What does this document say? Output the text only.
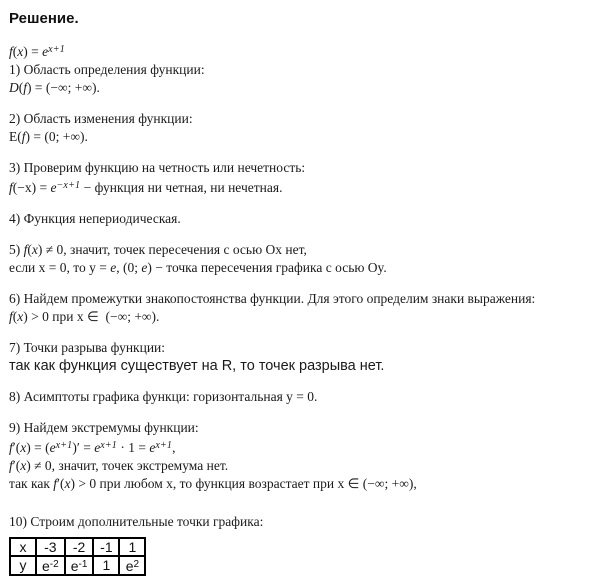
Решение.
$f(x) = e^{x+1}$
1) Область определения функции:
D(f) = (−∞; +∞).
2) Область изменения функции:
E(f) = (0; +∞).
3) Проверим функцию на четность или нечетность:
$f(-x) = e^{-x+1}$ − функция ни четная, ни нечетная.
4) Функция непериодическая.
5) f(x) ≠ 0, значит, точек пересечения с осью Ox нет,
если x = 0, то y = e, (0; e) − точка пересечения графика с осью Oy.
6) Найдем промежутки знакопостоянства функции. Для этого определим знаки выражения:
f(x) > 0 при x ∈  (−∞; +∞).
7) Точки разрыва функции:
так как функция существует на R, то точек разрыва нет.
8) Асимптоты графика функци: горизонтальная y = 0.
9) Найдем экстремумы функции:
$f'(x) = (e^{x+1})' = e^{x+1} \cdot 1 = e^{x+1}$,
f′(x) ≠ 0, значит, точек экстремума нет.
так как f′(x) > 0 при любом x, то функция возрастает при x ∈ (−∞; +∞),
10) Строим дополнительные точки графика:
x	-3	-2	-1	1
y	$e^{-2}$	$e^{-1}$	1	$e^2$
